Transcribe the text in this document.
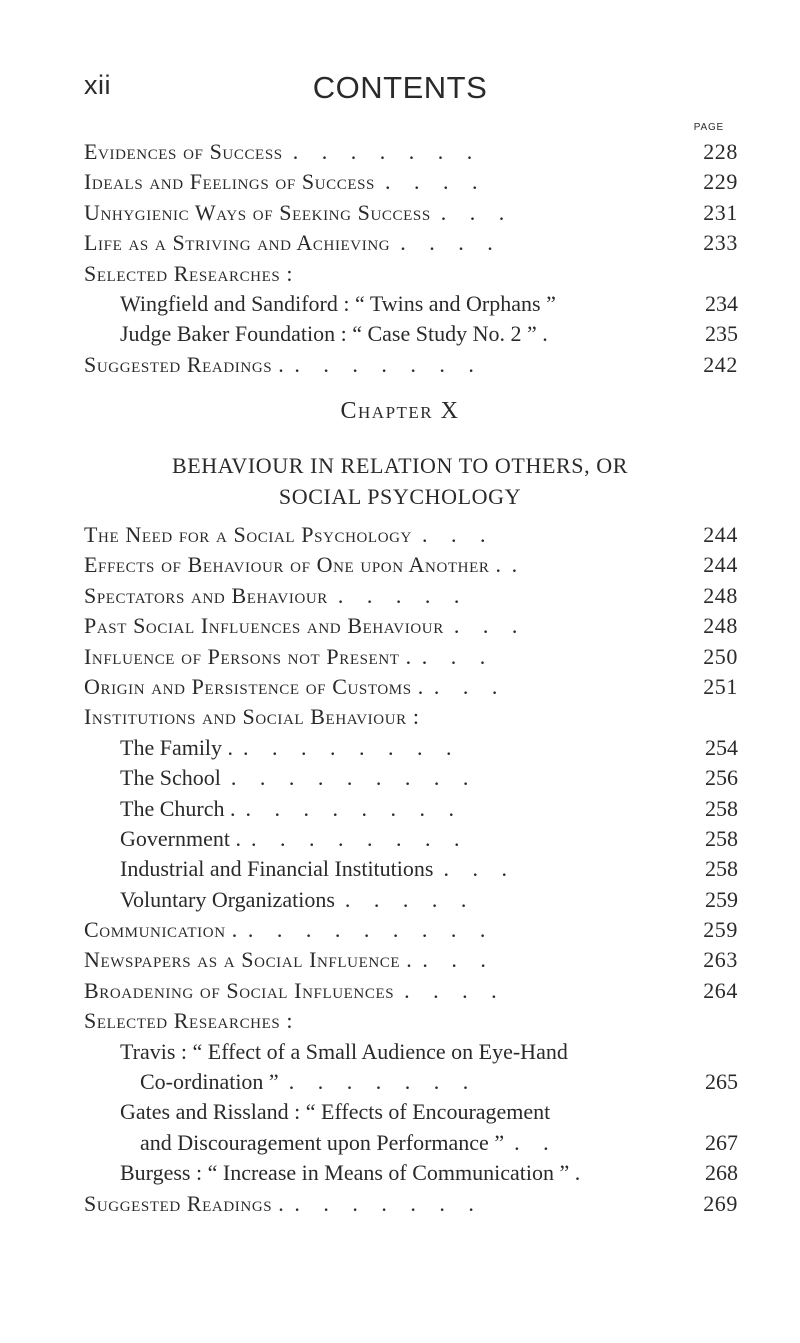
xii	CONTENTS
PAGE
Evidences of Success . . . . . . .	228
Ideals and Feelings of Success . . . .	229
Unhygienic Ways of Seeking Success . . .	231
Life as a Striving and Achieving . . . .	233
Selected Researches :
Wingfield and Sandiford : “ Twins and Orphans ”	234
Judge Baker Foundation : “ Case Study No. 2 ” .	235
Suggested Readings . . . . . . . .	242
Chapter X
BEHAVIOUR IN RELATION TO OTHERS, OR
SOCIAL PSYCHOLOGY
The Need for a Social Psychology . . .	244
Effects of Behaviour of One upon Another . .	244
Spectators and Behaviour . . . . .	248
Past Social Influences and Behaviour . . .	248
Influence of Persons not Present . . . .	250
Origin and Persistence of Customs . . . .	251
Institutions and Social Behaviour :
The Family . . . . . . . . .	254
The School . . . . . . . . .	256
The Church . . . . . . . . .	258
Government . . . . . . . . .	258
Industrial and Financial Institutions . . .	258
Voluntary Organizations . . . . .	259
Communication . . . . . . . . . .	259
Newspapers as a Social Influence . . . .	263
Broadening of Social Influences . . . .	264
Selected Researches :
Travis : “ Effect of a Small Audience on Eye-Hand
Co-ordination ” . . . . . . .	265
Gates and Rissland : “ Effects of Encouragement
and Discouragement upon Performance ” . .	267
Burgess : “ Increase in Means of Communication ” .	268
Suggested Readings . . . . . . . .	269
